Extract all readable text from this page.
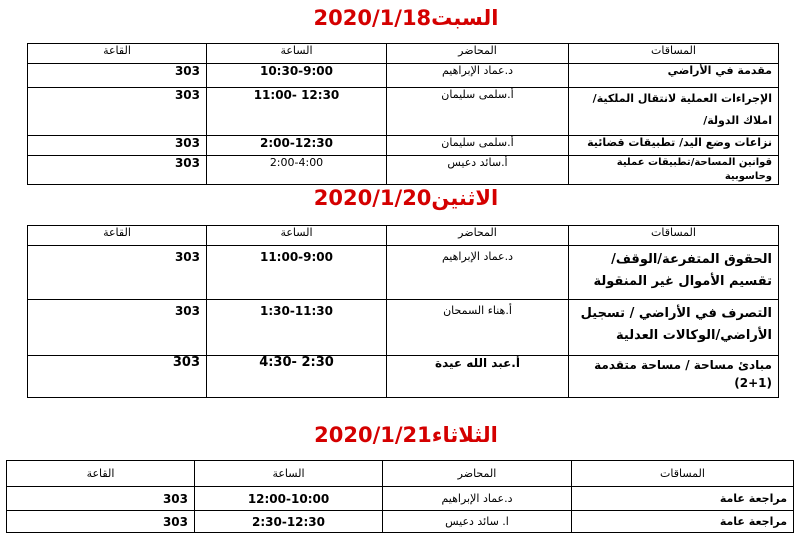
السبت2020/1/18
المساقات	المحاضر	الساعة	القاعة
مقدمة في الأراضي	د.عماد الإبراهيم	10:30-9:00	303
الإجراءات العملية لانتقال الملكية/ املاك الدولة/	أ.سلمى سليمان	12:30 -11:00	303
نزاعات وضع اليد/ تطبيقات قضائية	أ.سلمى سليمان	2:00-12:30	303
قوانين المساحة/تطبيقات عملية وحاسوبية	أ.سائد دعيس	2:00-4:00	303
الاثنين2020/1/20
المساقات	المحاضر	الساعة	القاعة
الحقوق المتفرعة/الوقف/تقسيم الأموال غير المنقولة	د.عماد الإبراهيم	11:00-9:00	303
التصرف في الأراضي / تسجيل الأراضي/الوكالات العدلية	أ.هناء السمحان	1:30-11:30	303
مبادئ مساحة / مساحة متقدمة (1+2)	أ.عبد الله عيدة	2:30 -4:30	303
الثلاثاء2020/1/21
المساقات	المحاضر	الساعة	القاعة
مراجعة عامة	د.عماد الإبراهيم	12:00-10:00	303
مراجعة عامة	ا. سائد دعيس	2:30-12:30	303
